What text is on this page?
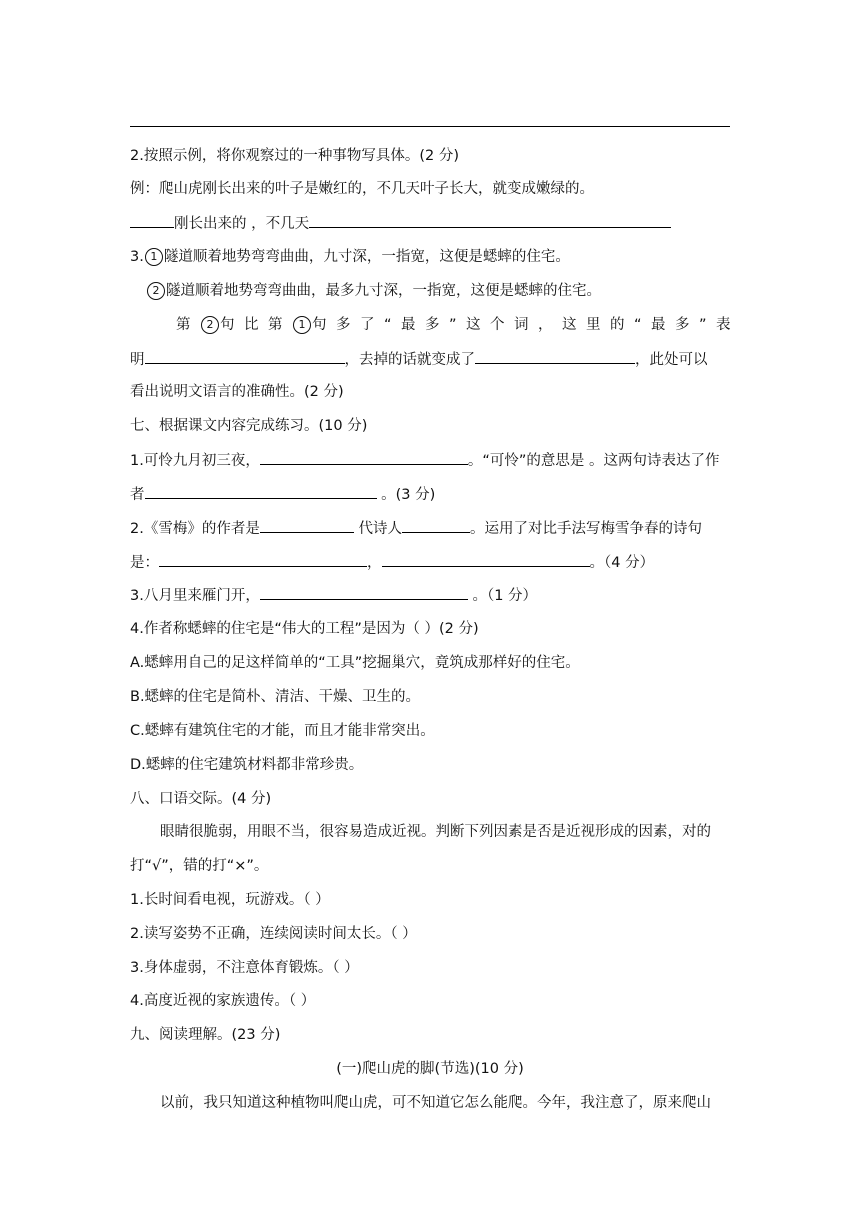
2.按照示例，将你观察过的一种事物写具体。(2 分)
例：爬山虎刚长出来的叶子是嫩红的，不几天叶子长大，就变成嫩绿的。
刚长出来的 ，不几天
3. 1 隧道顺着地势弯弯曲曲，九寸深，一指宽，这便是蟋蟀的住宅。
2 隧道顺着地势弯弯曲曲，最多九寸深，一指宽，这便是蟋蟀的住宅。
第 2 句比第 1 句多了“最多”这个词，这里的“最多”表
明	，去掉的话就变成了	，此处可以
看出说明文语言的准确性。(2 分)
七、根据课文内容完成练习。(10 分)
1.可怜九月初三夜，	。“可怜”的意思是 。这两句诗表达了作
者	。(3 分)
2.《雪梅》的作者是	代诗人	。运用了对比手法写梅雪争春的诗句
是：	，	。（4 分）
3.八月里来雁门开，	。（1 分）
4.作者称蟋蟀的住宅是“伟大的工程”是因为（ ）(2 分)
A.蟋蟀用自己的足这样简单的“工具”挖掘巢穴，竟筑成那样好的住宅。
B.蟋蟀的住宅是简朴、清洁、干燥、卫生的。
C.蟋蟀有建筑住宅的才能，而且才能非常突出。
D.蟋蟀的住宅建筑材料都非常珍贵。
八、口语交际。(4 分)
眼睛很脆弱，用眼不当，很容易造成近视。判断下列因素是否是近视形成的因素，对的
打“√”，错的打“×”。
1.长时间看电视，玩游戏。（ ）
2.读写姿势不正确，连续阅读时间太长。（ ）
3.身体虚弱，不注意体育锻炼。（ ）
4.高度近视的家族遗传。（ ）
九、阅读理解。(23 分)
(一)爬山虎的脚(节选)(10 分)
以前，我只知道这种植物叫爬山虎，可不知道它怎么能爬。今年，我注意了，原来爬山
